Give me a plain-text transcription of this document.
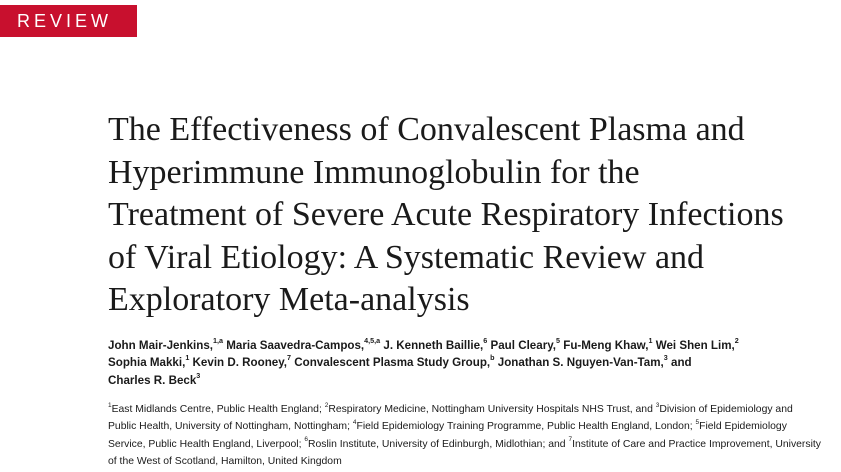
REVIEW
The Effectiveness of Convalescent Plasma and
Hyperimmune Immunoglobulin for the
Treatment of Severe Acute Respiratory Infections
of Viral Etiology: A Systematic Review and
Exploratory Meta-analysis
John Mair-Jenkins,$^{1,a}$ Maria Saavedra-Campos,$^{4,5,a}$ J. Kenneth Baillie,$^6$ Paul Cleary,$^5$ Fu-Meng Khaw,$^1$ Wei Shen Lim,$^2$
Sophia Makki,$^1$ Kevin D. Rooney,$^7$ Convalescent Plasma Study Group,$^b$ Jonathan S. Nguyen-Van-Tam,$^3$ and
Charles R. Beck$^3$
$^1$East Midlands Centre, Public Health England; $^2$Respiratory Medicine, Nottingham University Hospitals NHS Trust, and $^3$Division of Epidemiology and
Public Health, University of Nottingham, Nottingham; $^4$Field Epidemiology Training Programme, Public Health England, London; $^5$Field Epidemiology
Service, Public Health England, Liverpool; $^6$Roslin Institute, University of Edinburgh, Midlothian; and $^7$Institute of Care and Practice Improvement, University
of the West of Scotland, Hamilton, United Kingdom
